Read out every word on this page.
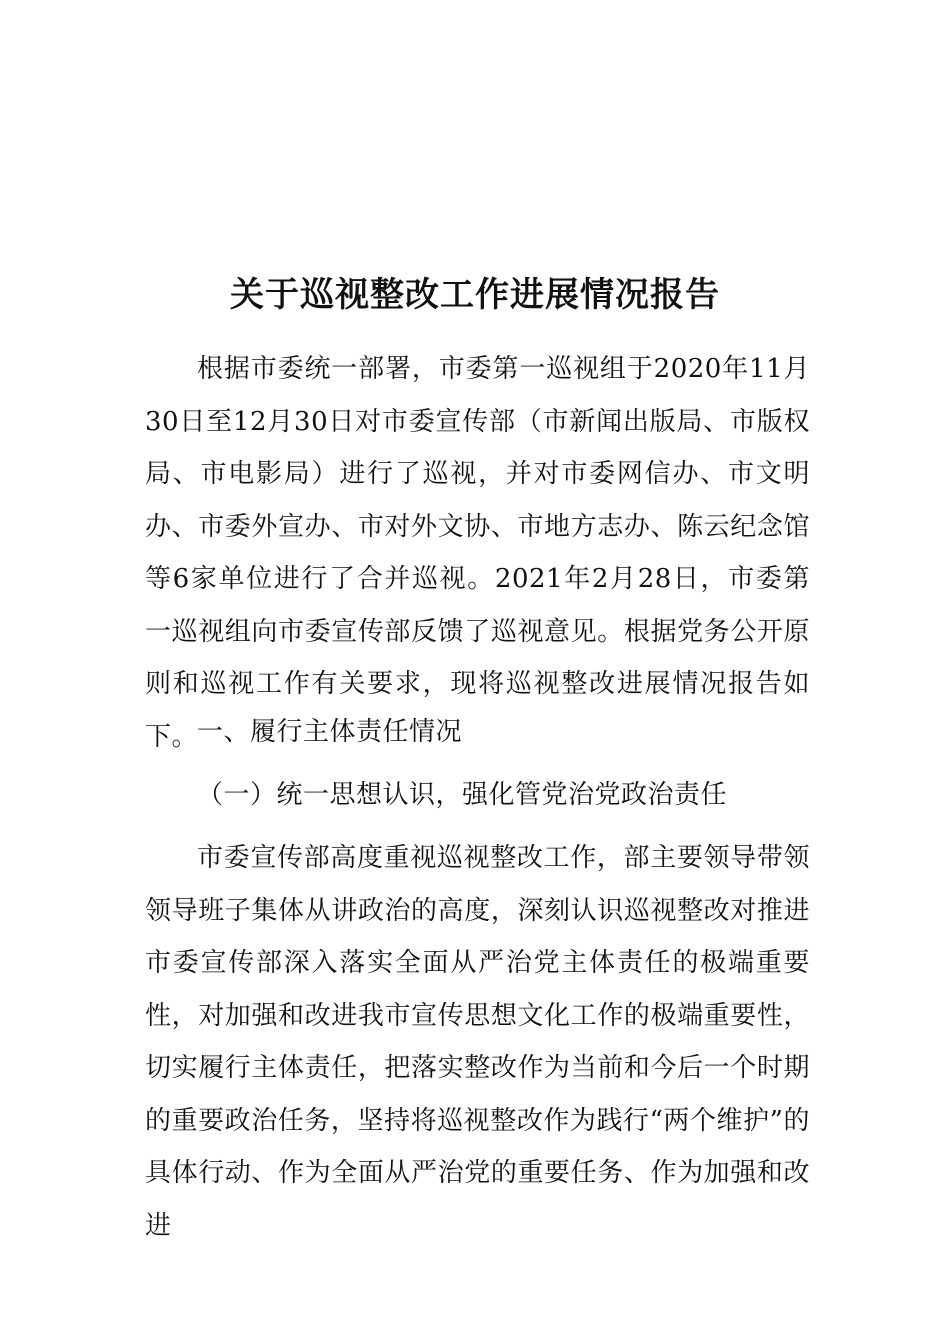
关于巡视整改工作进展情况报告

根据市委统一部署，市委第一巡视组于2020年11月30日至12月30日对市委宣传部（市新闻出版局、市版权局、市电影局）进行了巡视，并对市委网信办、市文明办、市委外宣办、市对外文协、市地方志办、陈云纪念馆等6家单位进行了合并巡视。2021年2月28日，市委第一巡视组向市委宣传部反馈了巡视意见。根据党务公开原则和巡视工作有关要求，现将巡视整改进展情况报告如下。

一、履行主体责任情况

（一）统一思想认识，强化管党治党政治责任

市委宣传部高度重视巡视整改工作，部主要领导带领领导班子集体从讲政治的高度，深刻认识巡视整改对推进市委宣传部深入落实全面从严治党主体责任的极端重要性，对加强和改进我市宣传思想文化工作的极端重要性，切实履行主体责任，把落实整改作为当前和今后一个时期的重要政治任务，坚持将巡视整改作为践行“两个维护”的具体行动、作为全面从严治党的重要任务、作为加强和改进
